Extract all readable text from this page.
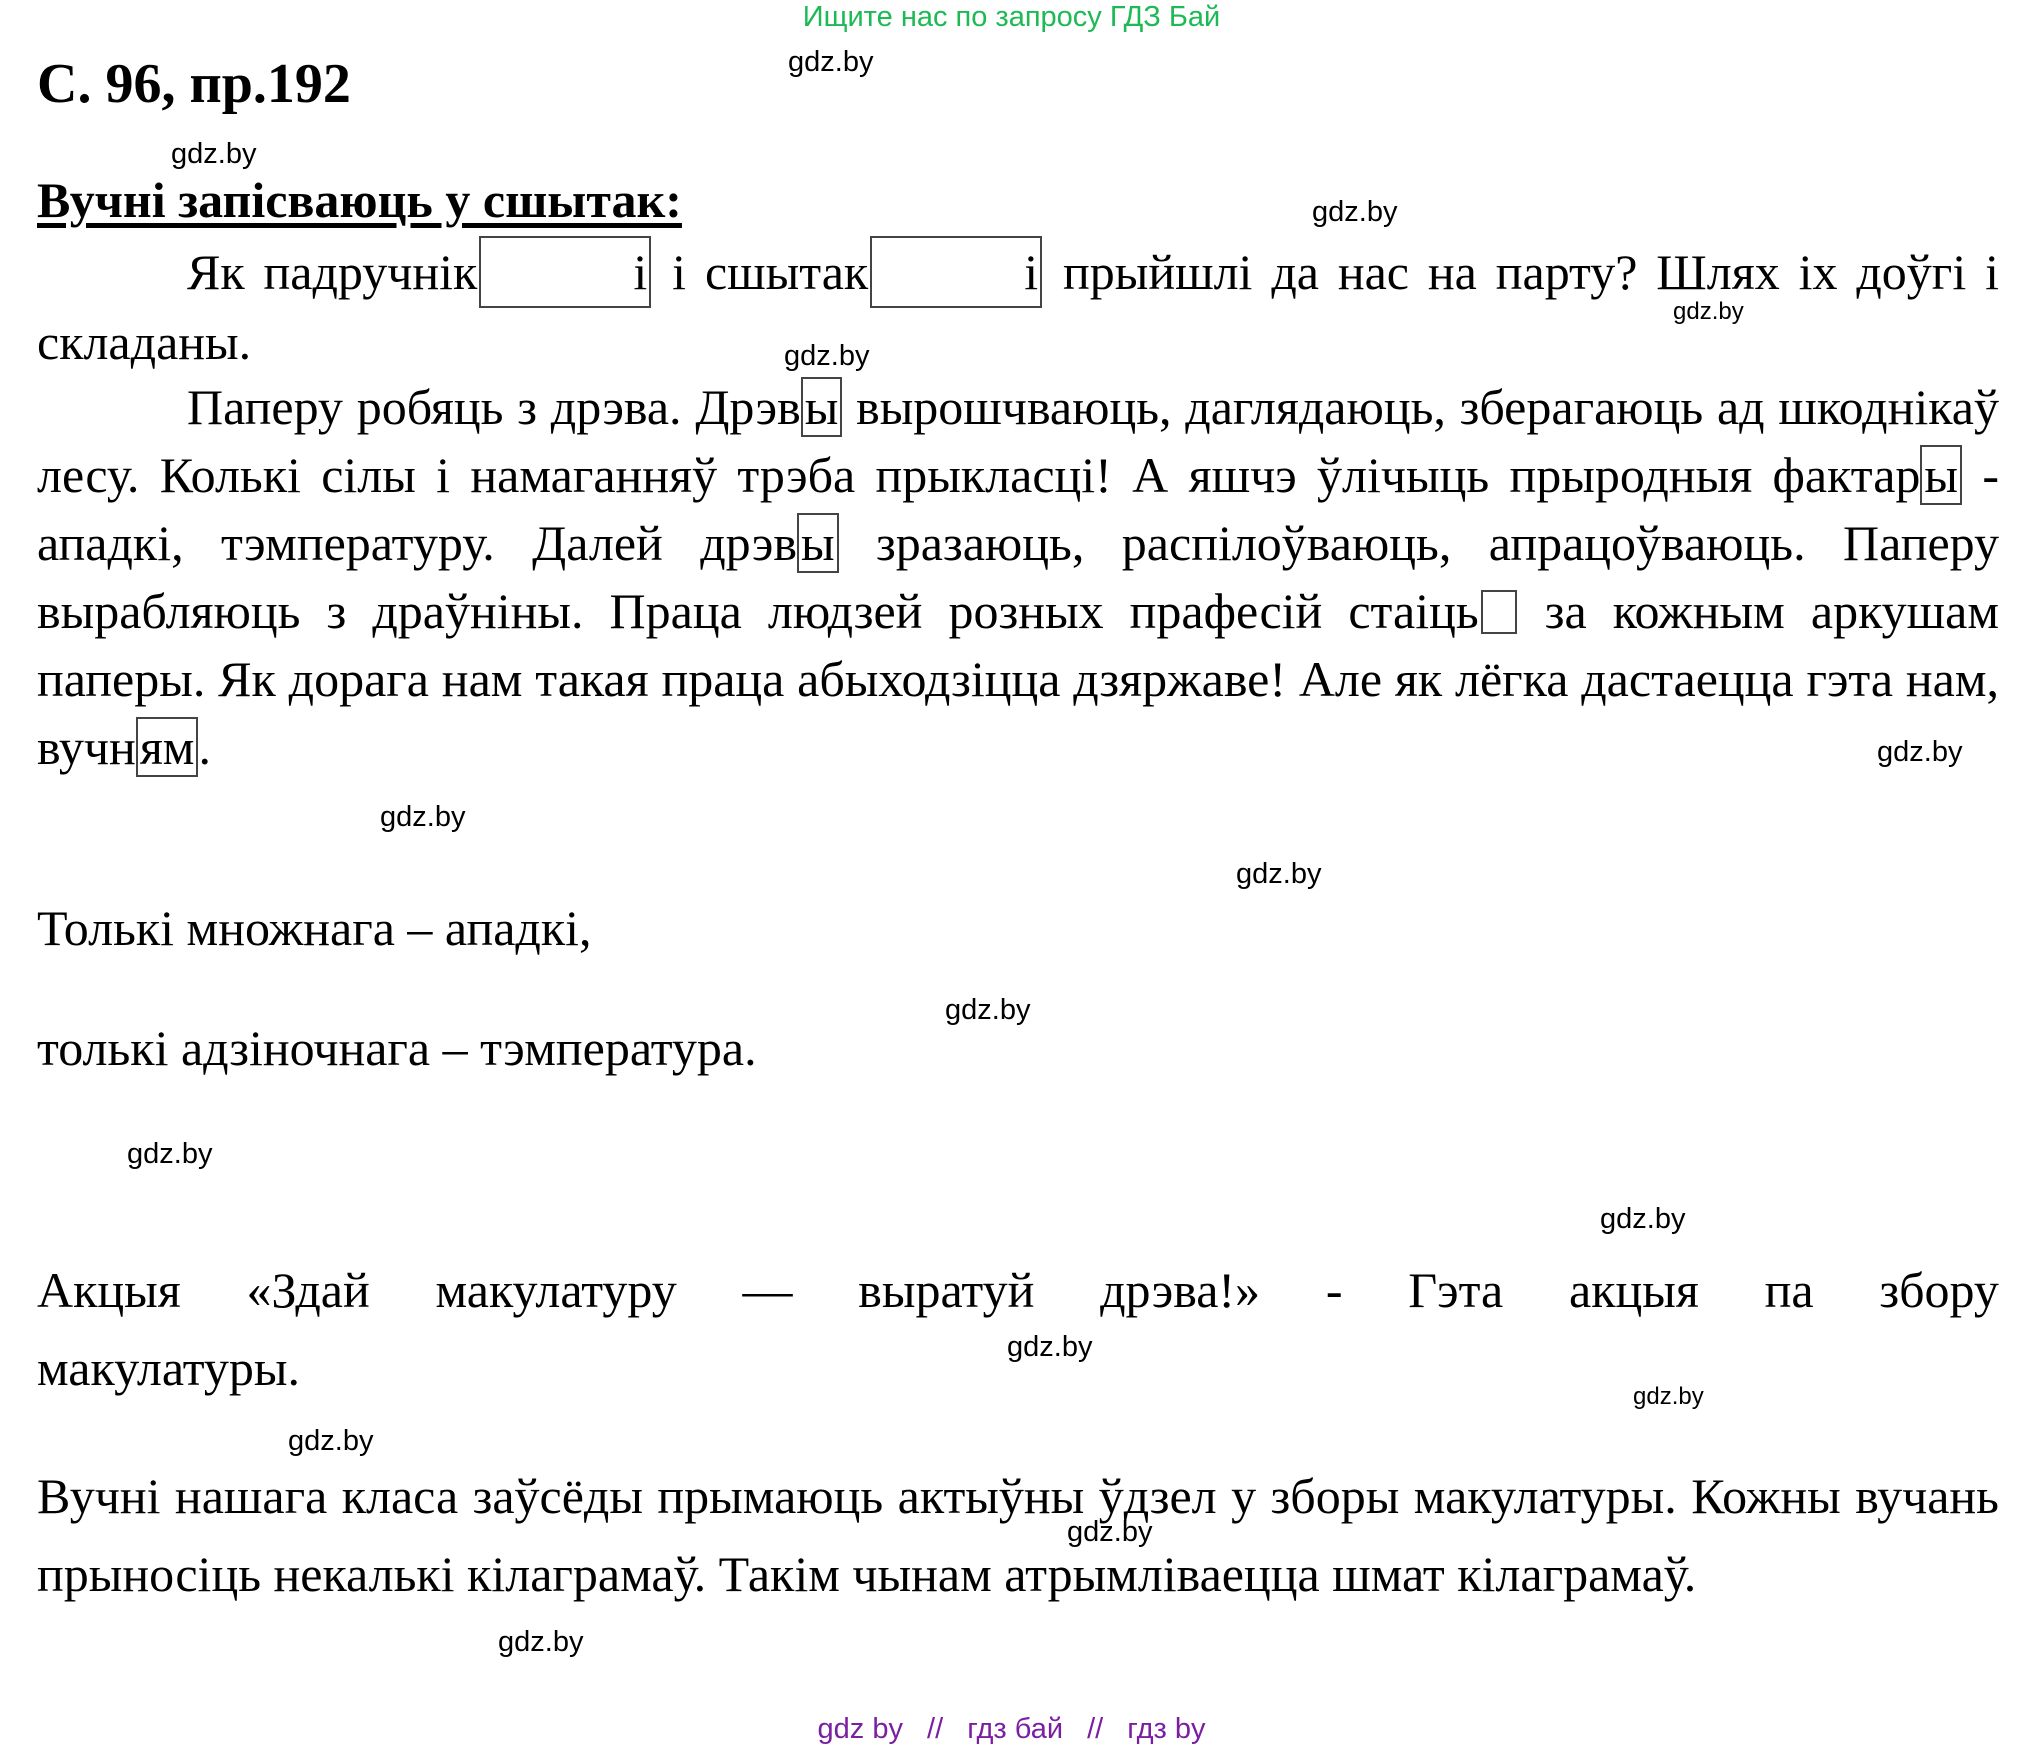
Ищите нас по запросу ГДЗ Бай
С. 96, пр.192
Вучні запісваюць у сшытак:
Як падручнік	і і сшытак	і прыйшлі да нас на парту? Шлях іх доўгі і складаны.
Паперу робяць з дрэва. Дрэвы вырошчваюць, даглядаюць, зберагаюць ад шкоднікаў лесу. Колькі сілы і намаганняў трэба прыкласці! А яшчэ ўлічыць прыродныя фактары - ападкі, тэмпературу. Далей дрэвы зразаюць, распілоўваюць, апрацоўваюць. Паперу вырабляюць з драўніны. Праца людзей розных прафесій стаіць за кожным аркушам паперы. Як дорага нам такая праца абыходзіцца дзяржаве! Але як лёгка дастаецца гэта нам, вучням.
Толькі множнага – ападкі,
толькі адзіночнага – тэмпература.
Акцыя «Здай макулатуру — выратуй дрэва!» - Гэта акцыя па збору
макулатуры.
Вучні нашага класа заўсёды прымаюць актыўны ўдзел у зборы макулатуры. Кожны вучань прыносіць некалькі кілаграмаў. Такім чынам атрымліваецца шмат кілаграмаў.
gdz.by
gdz.by
gdz.by
gdz.by
gdz.by
gdz.by
gdz.by
gdz.by
gdz.by
gdz.by
gdz.by
gdz.by
gdz.by
gdz.by
gdz.by
gdz.by
gdz by // гдз бай // гдз by
